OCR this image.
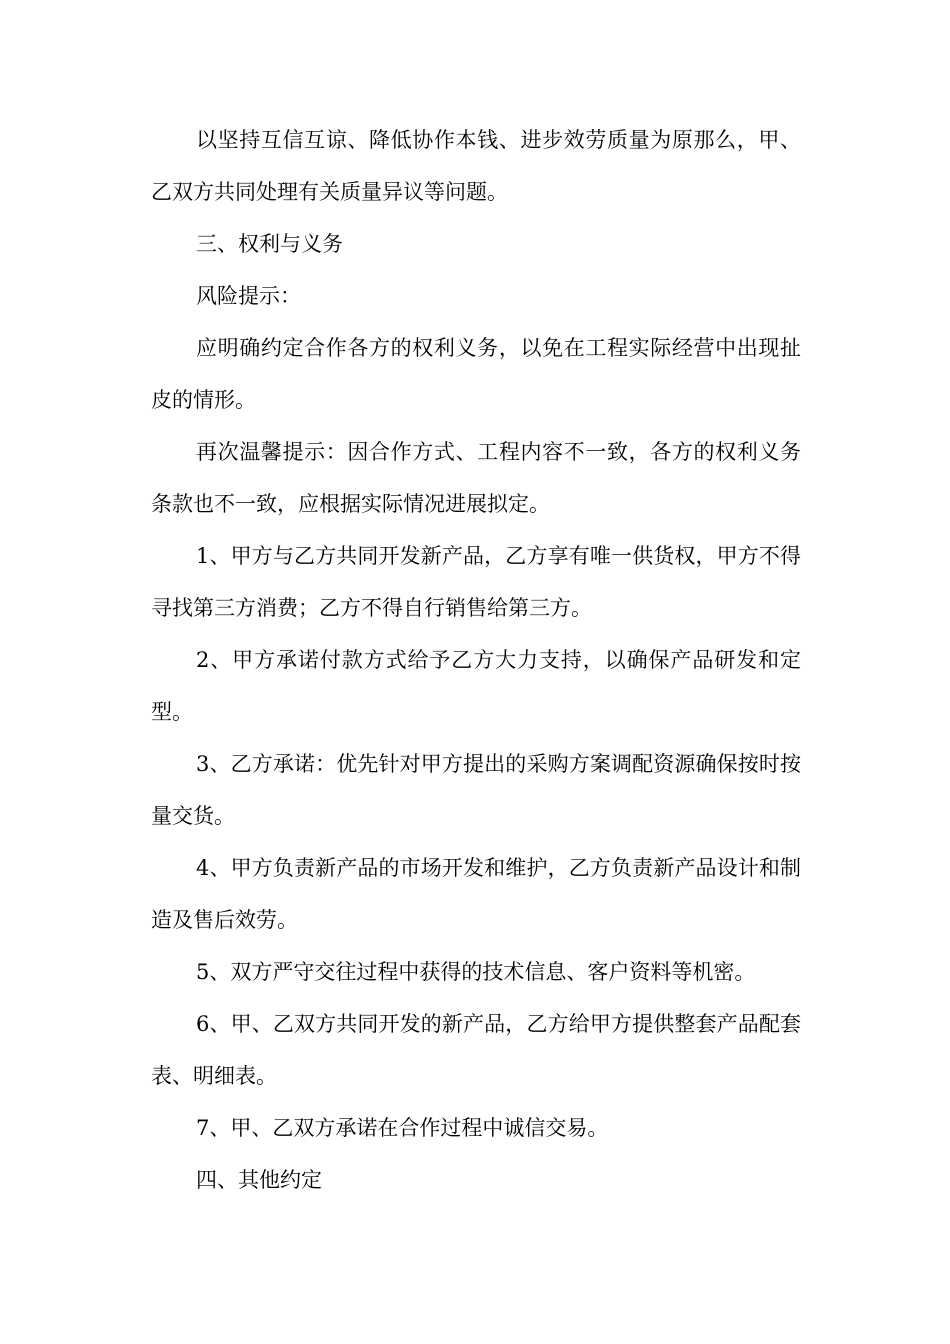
以坚持互信互谅、降低协作本钱、进步效劳质量为原那么，甲、乙双方共同处理有关质量异议等问题。

三、权利与义务

风险提示：

应明确约定合作各方的权利义务，以免在工程实际经营中出现扯皮的情形。

再次温馨提示：因合作方式、工程内容不一致，各方的权利义务条款也不一致，应根据实际情况进展拟定。

1、甲方与乙方共同开发新产品，乙方享有唯一供货权，甲方不得寻找第三方消费；乙方不得自行销售给第三方。

2、甲方承诺付款方式给予乙方大力支持，以确保产品研发和定型。

3、乙方承诺：优先针对甲方提出的采购方案调配资源确保按时按量交货。

4、甲方负责新产品的市场开发和维护，乙方负责新产品设计和制造及售后效劳。

5、双方严守交往过程中获得的技术信息、客户资料等机密。

6、甲、乙双方共同开发的新产品，乙方给甲方提供整套产品配套表、明细表。

7、甲、乙双方承诺在合作过程中诚信交易。

四、其他约定
